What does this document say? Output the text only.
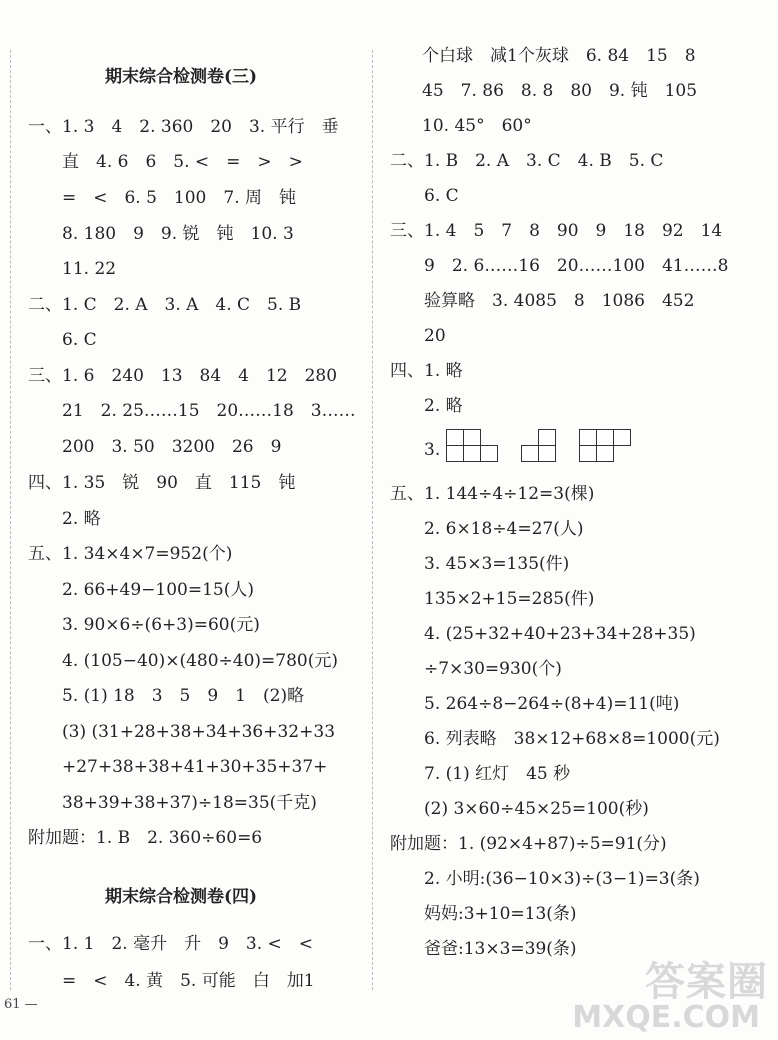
期末综合检测卷(三)
一、1. 3　4　2. 360　20　3. 平行　垂
　　直　4. 6　6　5. <　=　>　>
　　=　<　6. 5　100　7. 周　钝
　　8. 180　9　9. 锐　钝　10. 3
　　11. 22
二、1. C　2. A　3. A　4. C　5. B
　　6. C
三、1. 6　240　13　84　4　12　280
　　21　2. 25……15　20……18　3……
　　200　3. 50　3200　26　9
四、1. 35　锐　90　直　115　钝
　　2. 略
五、1. 34×4×7=952(个)
　　2. 66+49−100=15(人)
　　3. 90×6÷(6+3)=60(元)
　　4. (105−40)×(480÷40)=780(元)
　　5. (1) 18　3　5　9　1　(2)略
　　(3) (31+28+38+34+36+32+33
　　+27+38+38+41+30+35+37+
　　38+39+38+37)÷18=35(千克)
附加题：1. B　2. 360÷60=6
期末综合检测卷(四)
一、1. 1　2. 毫升　升　9　3. <　<
　　=　<　4. 黄　5. 可能　白　加1
个白球　减1个灰球　6. 84　15　8
45　7. 86　8. 8　80　9. 钝　105
10. 45°　60°
二、1. B　2. A　3. C　4. B　5. C
　　6. C
三、1. 4　5　7　8　90　9　18　92　14
　　9　2. 6……16　20……100　41……8
　　验算略　3. 4085　8　1086　452
　　20
四、1. 略
　　2. 略
　　3.
五、1. 144÷4÷12=3(棵)
　　2. 6×18÷4=27(人)
　　3. 45×3=135(件)
　　135×2+15=285(件)
　　4. (25+32+40+23+34+28+35)
　　÷7×30=930(个)
　　5. 264÷8−264÷(8+4)=11(吨)
　　6. 列表略　38×12+68×8=1000(元)
　　7. (1) 红灯　45 秒
　　(2) 3×60÷45×25=100(秒)
附加题：1. (92×4+87)÷5=91(分)
　　2. 小明:(36−10×3)÷(3−1)=3(条)
　　妈妈:3+10=13(条)
　　爸爸:13×3=39(条)
61 —	答案圈
MXQE.COM
